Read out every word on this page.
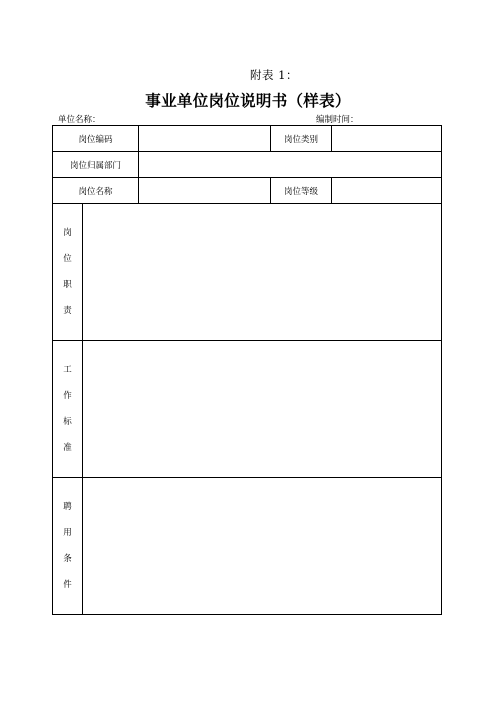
附表 1：
事业单位岗位说明书（样表）
单位名称：	编制时间：
岗位编码			岗位类别	
岗位归属部门				
岗位名称			岗位等级	

岗
位
职
责				

工
作
标
准				

聘
用
条
件				
